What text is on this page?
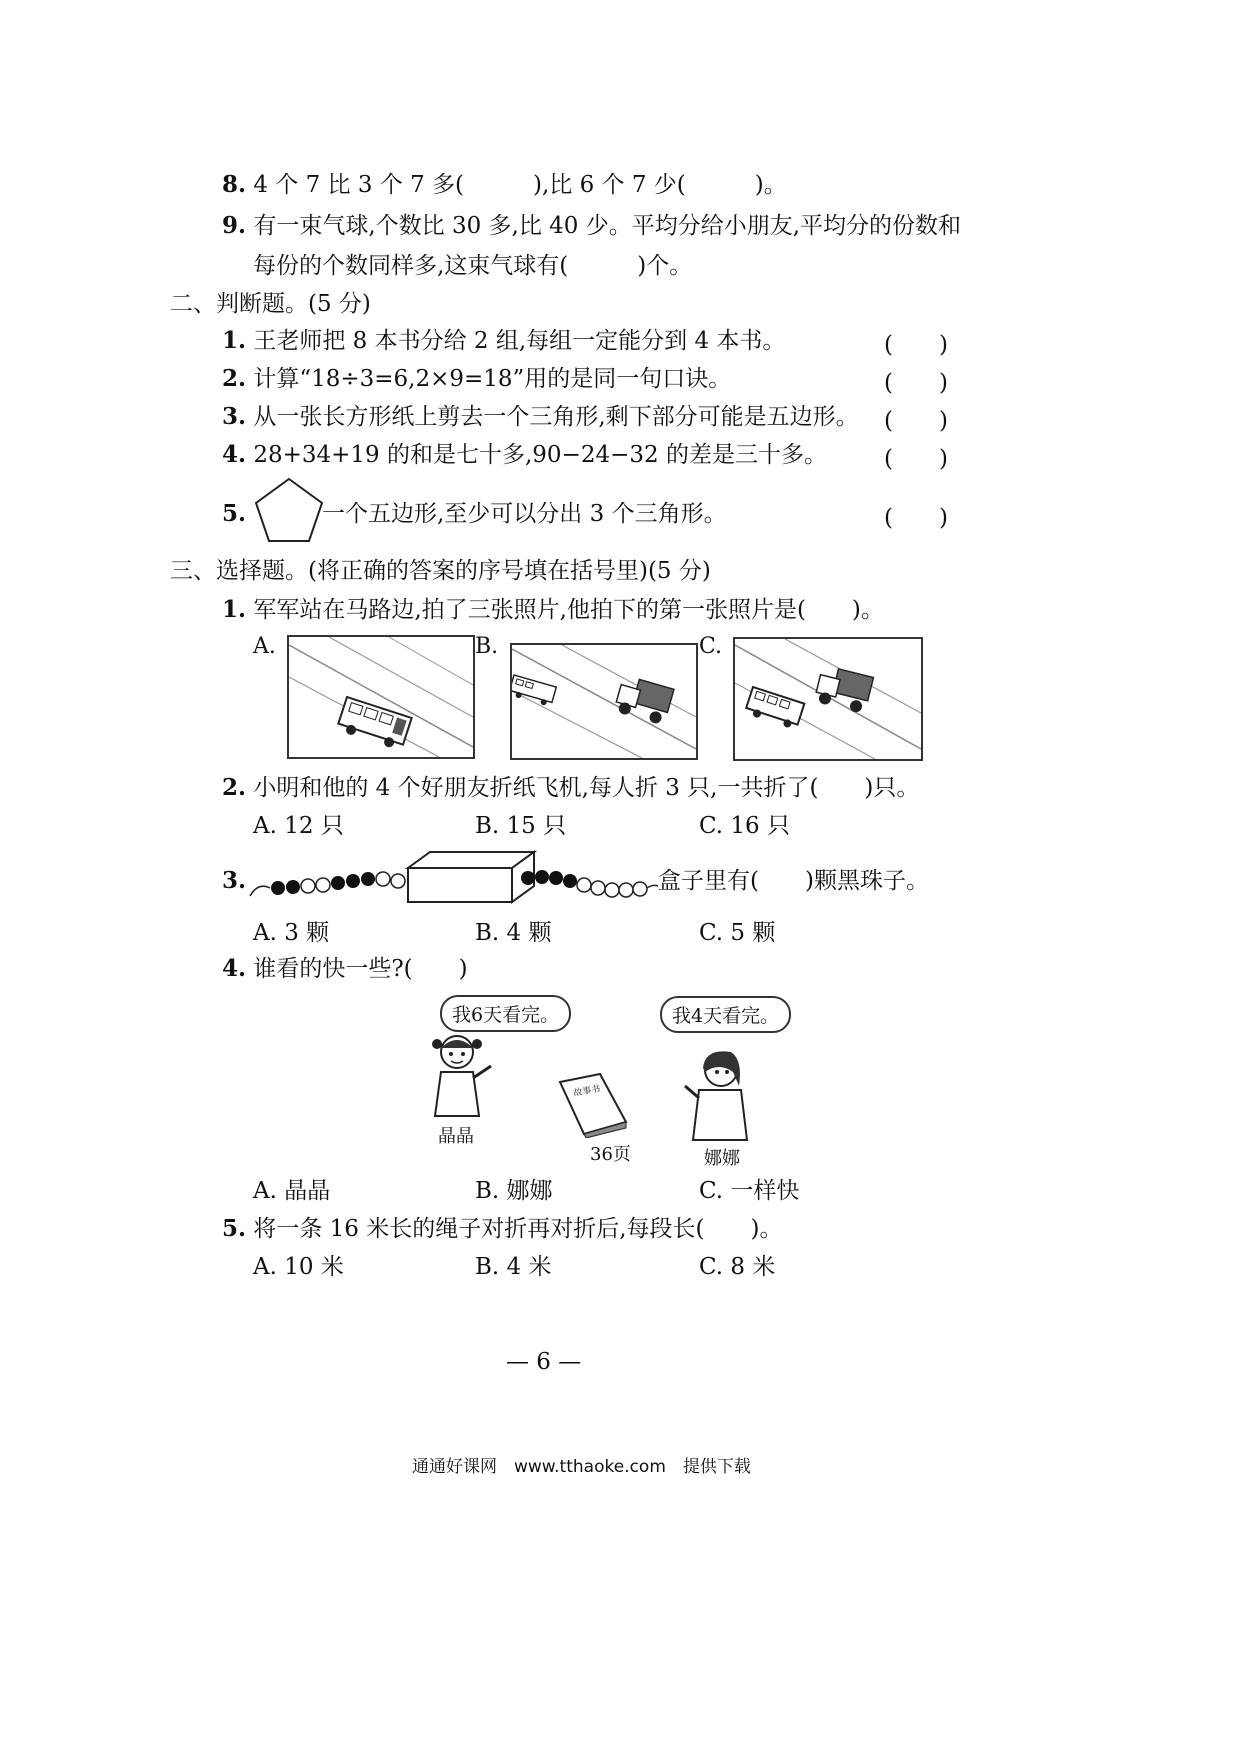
8. 4 个 7 比 3 个 7 多(　　　),比 6 个 7 少(　　　)。
9. 有一束气球,个数比 30 多,比 40 少。平均分给小朋友,平均分的份数和
每份的个数同样多,这束气球有(　　　)个。
二、判断题。(5 分)
1. 王老师把 8 本书分给 2 组,每组一定能分到 4 本书。	(　　)
2. 计算“18÷3=6,2×9=18”用的是同一句口诀。	(　　)
3. 从一张长方形纸上剪去一个三角形,剩下部分可能是五边形。 (　　)
4. 28+34+19 的和是七十多,90−24−32 的差是三十多。 (　　)
5.	一个五边形,至少可以分出 3 个三角形。	(　　)
三、选择题。(将正确的答案的序号填在括号里)(5 分)
1. 军军站在马路边,拍了三张照片,他拍下的第一张照片是(　　)。
A.	B.	C.
2. 小明和他的 4 个好朋友折纸飞机,每人折 3 只,一共折了(　　)只。
A. 12 只	B. 15 只	C. 16 只
3.	盒子里有(　　)颗黑珠子。
A. 3 颗	B. 4 颗	C. 5 颗
4. 谁看的快一些?(　　)
我6天看完。	我4天看完。
晶晶
故事书
36页	娜娜
A. 晶晶	B. 娜娜	C. 一样快
5. 将一条 16 米长的绳子对折再对折后,每段长(　　)。
A. 10 米	B. 4 米	C. 8 米
— 6 —
通通好课网　www.tthaoke.com　提供下载
